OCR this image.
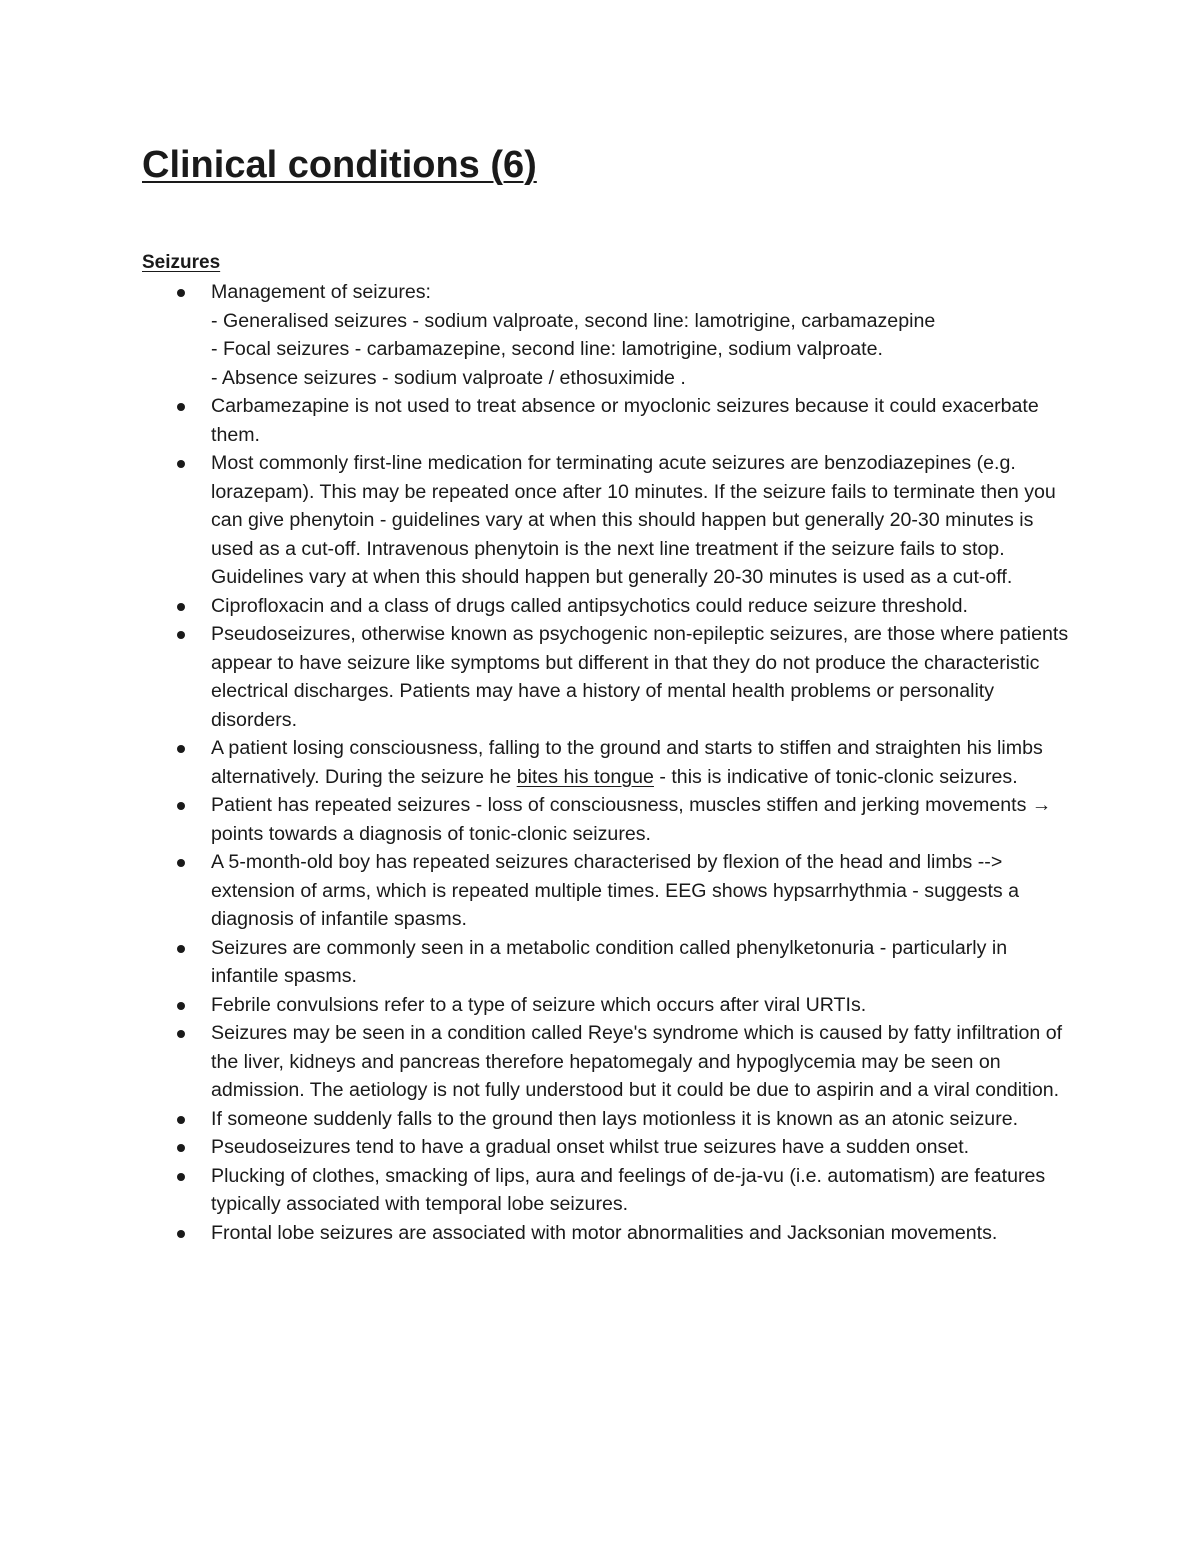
Clinical conditions (6)
Seizures
Management of seizures:
- Generalised seizures - sodium valproate, second line: lamotrigine, carbamazepine
- Focal seizures - carbamazepine, second line: lamotrigine, sodium valproate.
- Absence seizures - sodium valproate / ethosuximide .
Carbamezapine is not used to treat absence or myoclonic seizures because it could exacerbate them.
Most commonly first-line medication for terminating acute seizures are benzodiazepines (e.g. lorazepam). This may be repeated once after 10 minutes. If the seizure fails to terminate then you can give phenytoin - guidelines vary at when this should happen but generally 20-30 minutes is used as a cut-off. Intravenous phenytoin is the next line treatment if the seizure fails to stop. Guidelines vary at when this should happen but generally 20-30 minutes is used as a cut-off.
Ciprofloxacin and a class of drugs called antipsychotics could reduce seizure threshold.
Pseudoseizures, otherwise known as psychogenic non-epileptic seizures, are those where patients appear to have seizure like symptoms but different in that they do not produce the characteristic electrical discharges. Patients may have a history of mental health problems or personality disorders.
A patient losing consciousness, falling to the ground and starts to stiffen and straighten his limbs alternatively. During the seizure he bites his tongue - this is indicative of tonic-clonic seizures.
Patient has repeated seizures - loss of consciousness, muscles stiffen and jerking movements → points towards a diagnosis of tonic-clonic seizures.
A 5-month-old boy has repeated seizures characterised by flexion of the head and limbs --> extension of arms, which is repeated multiple times. EEG shows hypsarrhythmia - suggests a diagnosis of infantile spasms.
Seizures are commonly seen in a metabolic condition called phenylketonuria - particularly in infantile spasms.
Febrile convulsions refer to a type of seizure which occurs after viral URTIs.
Seizures may be seen in a condition called Reye's syndrome which is caused by fatty infiltration of the liver, kidneys and pancreas therefore hepatomegaly and hypoglycemia may be seen on admission. The aetiology is not fully understood but it could be due to aspirin and a viral condition.
If someone suddenly falls to the ground then lays motionless it is known as an atonic seizure.
Pseudoseizures tend to have a gradual onset whilst true seizures have a sudden onset.
Plucking of clothes, smacking of lips, aura and feelings of de-ja-vu (i.e. automatism) are features typically associated with temporal lobe seizures.
Frontal lobe seizures are associated with motor abnormalities and Jacksonian movements.
